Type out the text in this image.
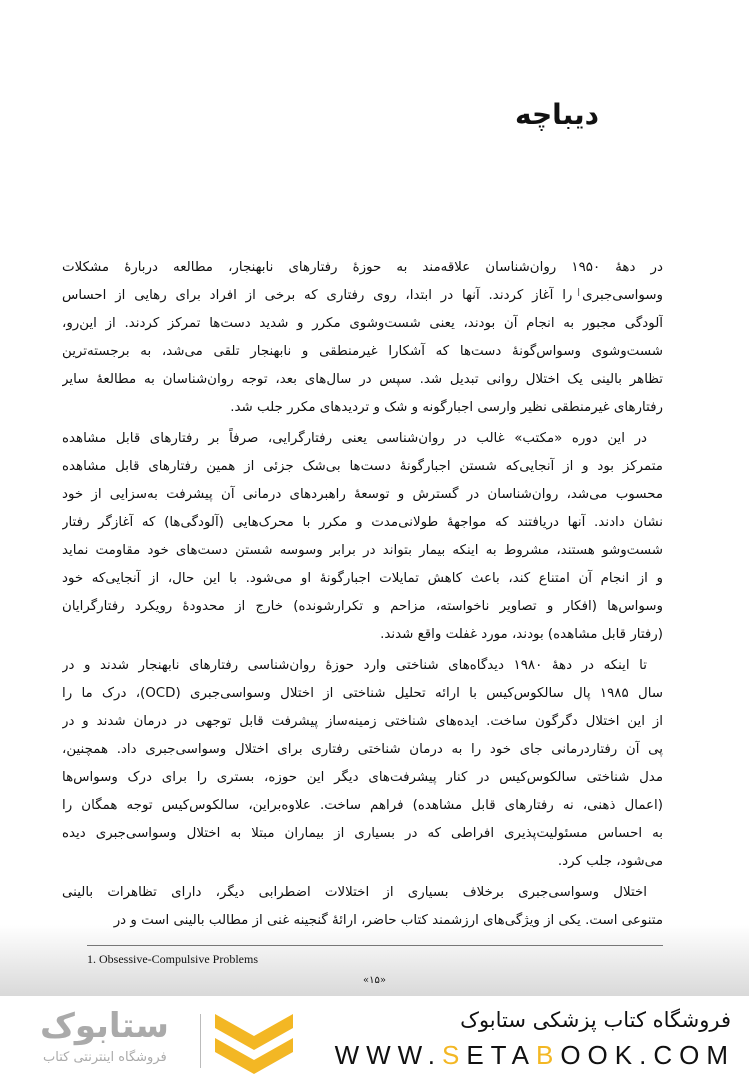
دیباچه
در دهۀ ۱۹۵۰ روان‌شناسان علاقه‌مند به حوزۀ رفتارهای نابهنجار، مطالعه دربارۀ مشکلات
وسواسی‌جبری|را آغاز کردند. آنها در ابتدا، روی رفتاری که برخی از افراد برای رهایی از احساس
آلودگی مجبور به انجام آن بودند، یعنی شست‌وشوی مکرر و شدید دست‌ها تمرکز کردند. از این‌رو،
شست‌وشوی وسواس‌گونۀ دست‌ها که آشکارا غیرمنطقی و نابهنجار تلقی می‌شد، به برجسته‌ترین
تظاهر بالینی یک اختلال روانی تبدیل شد. سپس در سال‌های بعد، توجه روان‌شناسان به مطالعۀ سایر
رفتارهای غیرمنطقی نظیر وارسی اجبارگونه و شک و تردیدهای مکرر جلب شد.
در این دوره «مکتب» غالب در روان‌شناسی یعنی رفتارگرایی، صرفاً بر رفتارهای قابل مشاهده
متمرکز بود و از آنجایی‌که شستن اجبارگونۀ دست‌ها بی‌شک جزئی از همین رفتارهای قابل مشاهده
محسوب می‌شد، روان‌شناسان در گسترش و توسعۀ راهبردهای درمانی آن پیشرفت به‌سزایی از خود
نشان دادند. آنها دریافتند که مواجهۀ طولانی‌مدت و مکرر با محرک‌هایی (آلودگی‌ها) که آغازگر رفتار
شست‌وشو هستند، مشروط به اینکه بیمار بتواند در برابر وسوسه شستن دست‌های خود مقاومت نماید
و از انجام آن امتناع کند، باعث کاهش تمایلات اجبارگونۀ او می‌شود. با این حال، از آنجایی‌که خود
وسواس‌ها (افکار و تصاویر ناخواسته، مزاحم و تکرارشونده) خارج از محدودۀ رویکرد رفتارگرایان
(رفتار قابل مشاهده) بودند، مورد غفلت واقع شدند.
تا اینکه در دهۀ ۱۹۸۰ دیدگاه‌های شناختی وارد حوزۀ روان‌شناسی رفتارهای نابهنجار شدند و در
سال ۱۹۸۵ پال سالکوس‌کیس با ارائه تحلیل شناختی از اختلال وسواسی‌جبری (OCD)، درک ما را
از این اختلال دگرگون ساخت. ایده‌های شناختی زمینه‌ساز پیشرفت قابل توجهی در درمان شدند و در
پی آن رفتاردرمانی جای خود را به درمان شناختی رفتاری برای اختلال وسواسی‌جبری داد. همچنین،
مدل شناختی سالکوس‌کیس در کنار پیشرفت‌های دیگر این حوزه، بستری را برای درک وسواس‌ها
(اعمال ذهنی، نه رفتارهای قابل مشاهده) فراهم ساخت. علاوه‌براین، سالکوس‌کیس توجه همگان را
به احساس مسئولیت‌پذیری افراطی که در بسیاری از بیماران مبتلا به اختلال وسواسی‌جبری دیده
می‌شود، جلب کرد.
اختلال وسواسی‌جبری برخلاف بسیاری از اختلالات اضطرابی دیگر، دارای تظاهرات بالینی
متنوعی است. یکی از ویژگی‌های ارزشمند کتاب حاضر، ارائۀ گنجینه غنی از مطالب بالینی است و در
1. Obsessive-Compulsive Problems
«۱۵»
ستابوک
فروشگاه اینترنتی کتاب
فروشگاه کتاب پزشکی ستابوک
WWW.SETABOOK.COM
